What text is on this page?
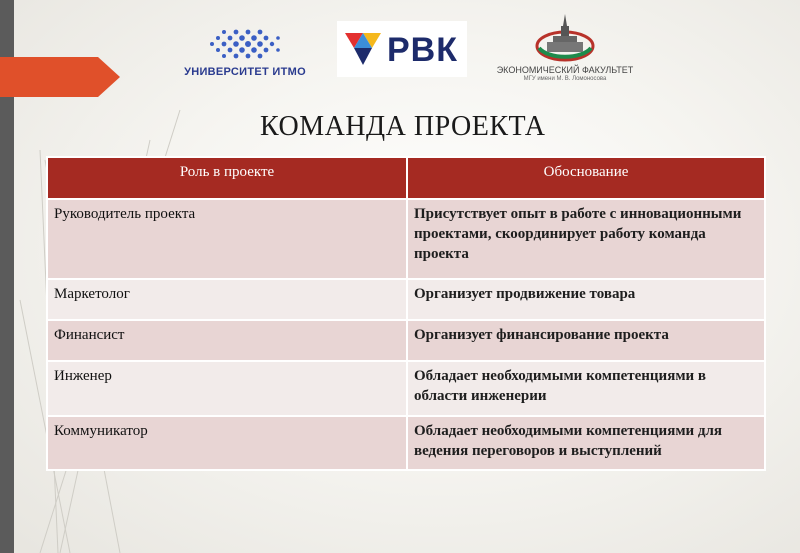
УНИВЕРСИТЕТ ИТМО
РВК
ЭКОНОМИЧЕСКИЙ ФАКУЛЬТЕТ
МГУ имени М. В. Ломоносова
КОМАНДА ПРОЕКТА
Роль в проекте	Обоснование
Руководитель проекта	Присутствует опыт в работе с инновационными проектами, скоординирует работу команда проекта
Маркетолог	Организует продвижение товара
Финансист	Организует финансирование проекта
Инженер	Обладает необходимыми компетенциями в области инженерии
Коммуникатор	Обладает необходимыми компетенциями для ведения переговоров и выступлений
